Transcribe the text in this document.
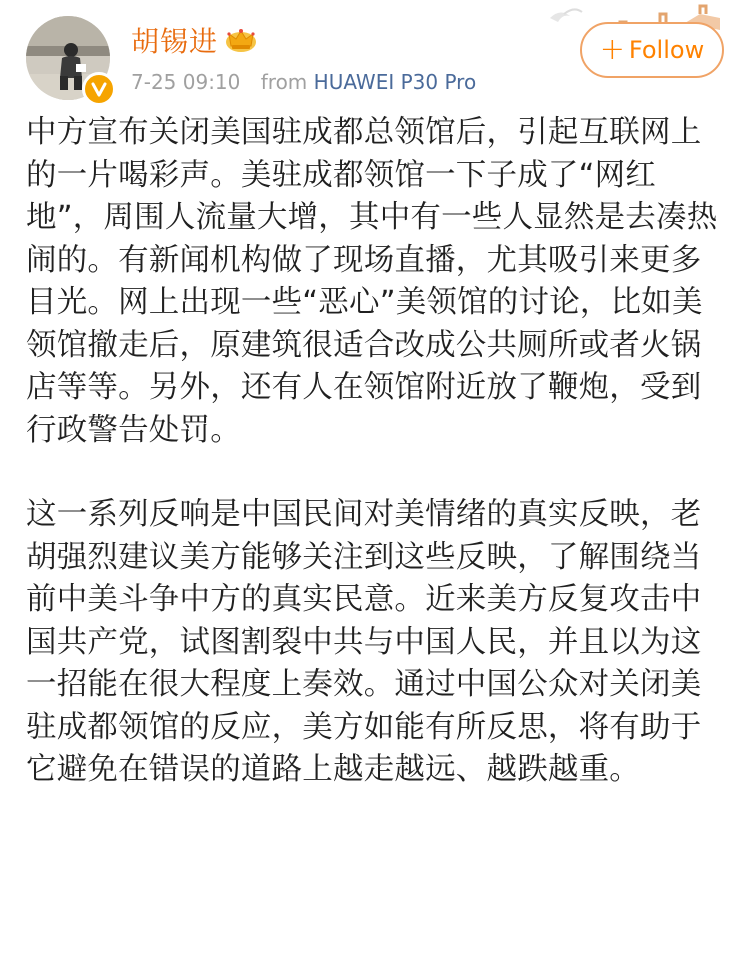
胡锡进
7-25 09:10 from HUAWEI P30 Pro
+ Follow

中方宣布关闭美国驻成都总领馆后，引起互联网上的一片喝彩声。美驻成都领馆一下子成了“网红地”，周围人流量大增，其中有一些人显然是去凑热闹的。有新闻机构做了现场直播，尤其吸引来更多目光。网上出现一些“恶心”美领馆的讨论，比如美领馆撤走后，原建筑很适合改成公共厕所或者火锅店等等。另外，还有人在领馆附近放了鞭炮，受到行政警告处罚。

这一系列反响是中国民间对美情绪的真实反映，老胡强烈建议美方能够关注到这些反映，了解围绕当前中美斗争中方的真实民意。近来美方反复攻击中国共产党，试图割裂中共与中国人民，并且以为这一招能在很大程度上奏效。通过中国公众对关闭美驻成都领馆的反应，美方如能有所反思，将有助于它避免在错误的道路上越走越远、越跌越重。
